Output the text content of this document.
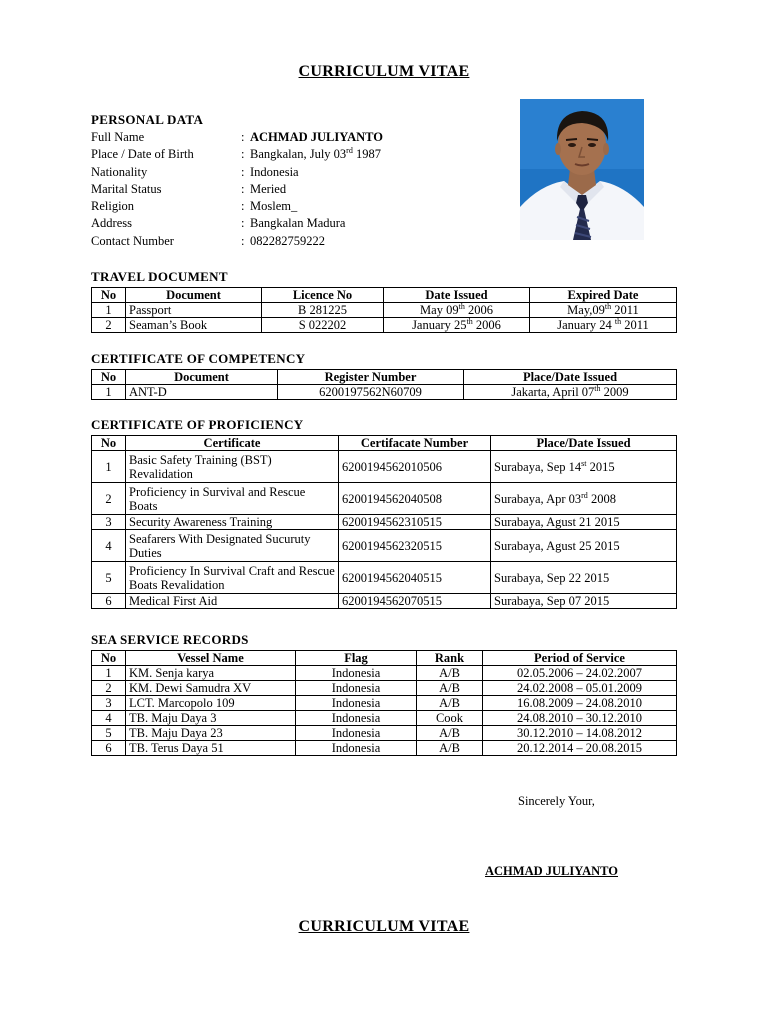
CURRICULUM VITAE
PERSONAL DATA
Full Name	: ACHMAD JULIYANTO
Place / Date of Birth	: Bangkalan, July 03rd 1987
Nationality	: Indonesia
Marital Status	: Meried
Religion	: Moslem_
Address	: Bangkalan Madura
Contact Number	: 082282759222
TRAVEL DOCUMENT
No	Document	Licence No	Date Issued	Expired Date
1	Passport	B 281225	May 09th 2006	May,09th 2011
2	Seaman’s Book	S 022202	January 25th 2006	January 24 $^{th}$ 2011
CERTIFICATE OF COMPETENCY
No	Document	Register Number	Place/Date Issued
1	ANT-D	6200197562N60709	Jakarta, April 07th 2009
CERTIFICATE OF PROFICIENCY
No	Certificate	Certifacate Number	Place/Date Issued
1	Basic Safety Training (BST) Revalidation	6200194562010506	Surabaya, Sep 14st 2015
2	Proficiency in Survival and Rescue Boats	6200194562040508	Surabaya, Apr 03rd 2008
3	Security Awareness Training	6200194562310515	Surabaya, Agust 21 2015
4	Seafarers With Designated Sucuruty Duties	6200194562320515	Surabaya, Agust 25 2015
5	Proficiency In Survival Craft and Rescue Boats Revalidation	6200194562040515	Surabaya, Sep 22 2015
6	Medical First Aid	6200194562070515	Surabaya, Sep 07 2015
SEA SERVICE RECORDS
No	Vessel Name	Flag	Rank	Period of Service
1	KM. Senja karya	Indonesia	A/B	02.05.2006 – 24.02.2007
2	KM. Dewi Samudra XV	Indonesia	A/B	24.02.2008 – 05.01.2009
3	LCT. Marcopolo 109	Indonesia	A/B	16.08.2009 – 24.08.2010
4	TB. Maju Daya 3	Indonesia	Cook	24.08.2010 – 30.12.2010
5	TB. Maju Daya 23	Indonesia	A/B	30.12.2010 – 14.08.2012
6	TB. Terus Daya 51	Indonesia	A/B	20.12.2014 – 20.08.2015
Sincerely Your,
ACHMAD JULIYANTO
CURRICULUM VITAE
